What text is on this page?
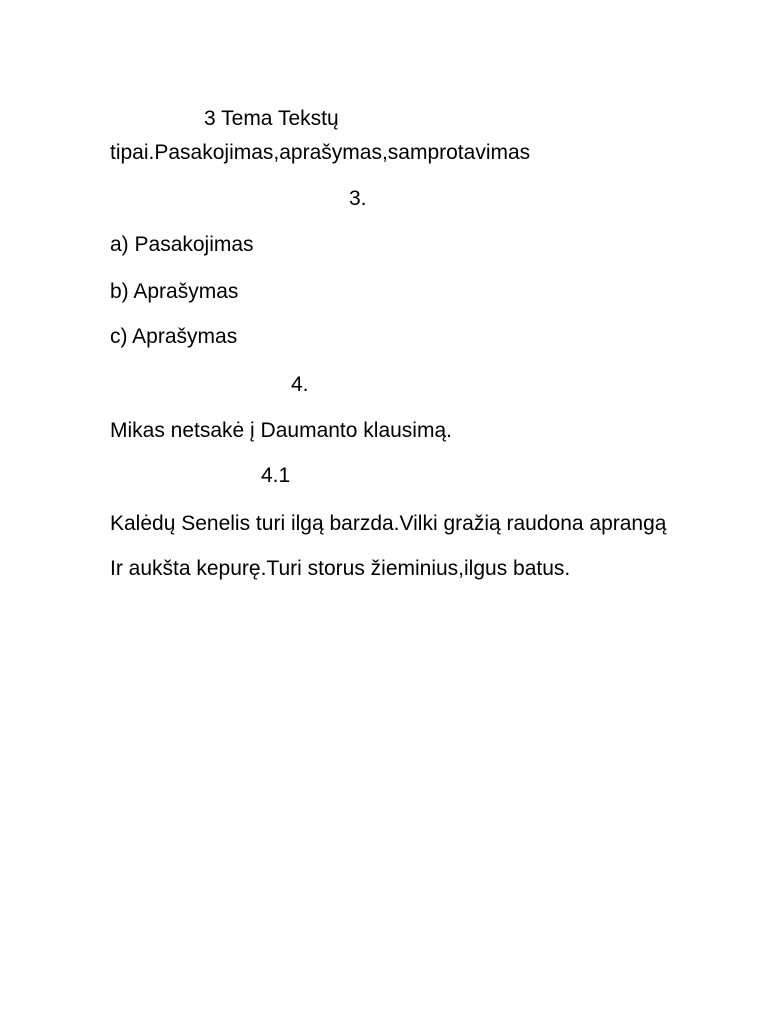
3 Tema Tekstų
tipai.Pasakojimas,aprašymas,samprotavimas
3.
a) Pasakojimas
b) Aprašymas
c) Aprašymas
4.
Mikas netsakė į Daumanto klausimą.
4.1
Kalėdų Senelis turi ilgą barzda.Vilki gražią raudona aprangą
Ir aukšta kepurę.Turi storus žieminius,ilgus batus.
